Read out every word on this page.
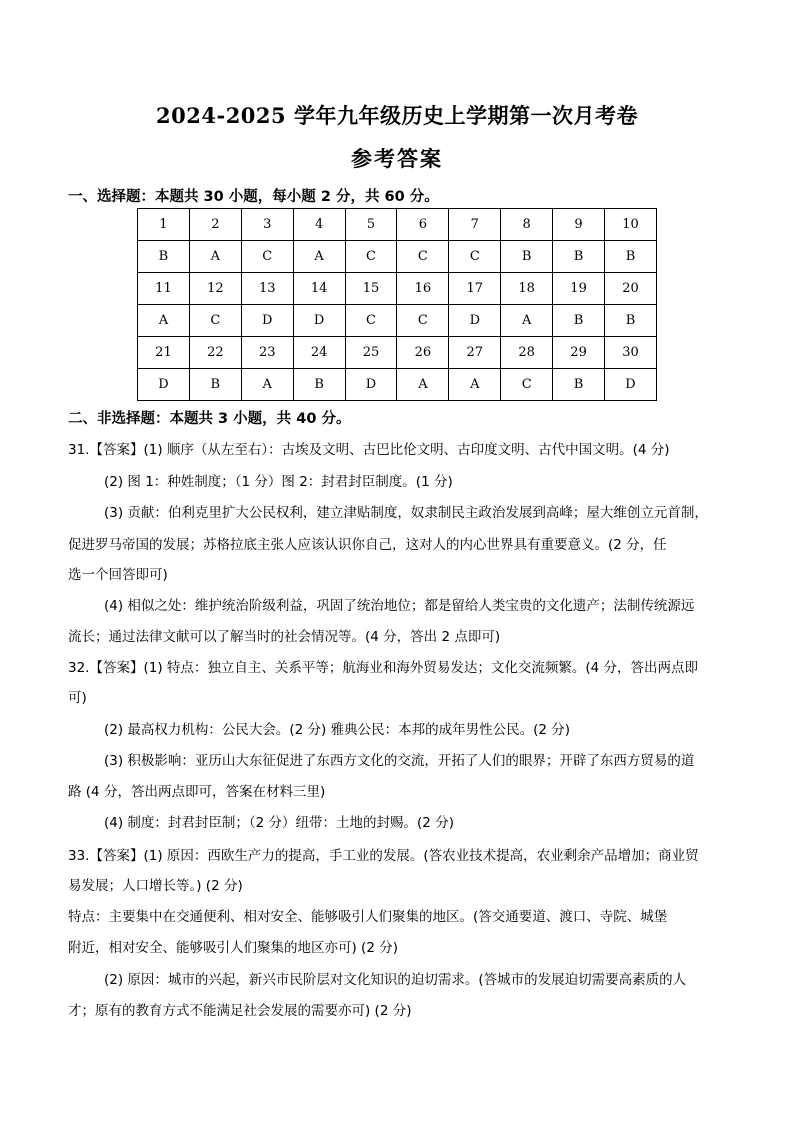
2024-2025 学年九年级历史上学期第一次月考卷
参考答案
一、选择题：本题共 30 小题，每小题 2 分，共 60 分。
1	2	3	4	5	6	7	8	9	10
B	A	C	A	C	C	C	B	B	B
11	12	13	14	15	16	17	18	19	20
A	C	D	D	C	C	D	A	B	B
21	22	23	24	25	26	27	28	29	30
D	B	A	B	D	A	A	C	B	D
二、非选择题：本题共 3 小题，共 40 分。
31.【答案】(1) 顺序（从左至右）：古埃及文明、古巴比伦文明、古印度文明、古代中国文明。(4 分)
(2) 图 1：种姓制度；（1 分）图 2：封君封臣制度。(1 分)
(3) 贡献：伯利克里扩大公民权利，建立津贴制度，奴隶制民主政治发展到高峰；屋大维创立元首制，
促进罗马帝国的发展；苏格拉底主张人应该认识你自己，这对人的内心世界具有重要意义。(2 分，任
选一个回答即可)
(4) 相似之处：维护统治阶级利益，巩固了统治地位；都是留给人类宝贵的文化遗产；法制传统源远
流长；通过法律文献可以了解当时的社会情况等。(4 分，答出 2 点即可)
32.【答案】(1) 特点：独立自主、关系平等；航海业和海外贸易发达；文化交流频繁。(4 分，答出两点即
可)
(2) 最高权力机构：公民大会。(2 分) 雅典公民：本邦的成年男性公民。(2 分)
(3) 积极影响：亚历山大东征促进了东西方文化的交流，开拓了人们的眼界；开辟了东西方贸易的道
路 (4 分，答出两点即可，答案在材料三里)
(4) 制度：封君封臣制；（2 分）纽带：土地的封赐。(2 分)
33.【答案】(1) 原因：西欧生产力的提高，手工业的发展。(答农业技术提高，农业剩余产品增加；商业贸
易发展；人口增长等。) (2 分)
特点：主要集中在交通便利、相对安全、能够吸引人们聚集的地区。(答交通要道、渡口、寺院、城堡
附近，相对安全、能够吸引人们聚集的地区亦可) (2 分)
(2) 原因：城市的兴起，新兴市民阶层对文化知识的迫切需求。(答城市的发展迫切需要高素质的人
才；原有的教育方式不能满足社会发展的需要亦可) (2 分)
